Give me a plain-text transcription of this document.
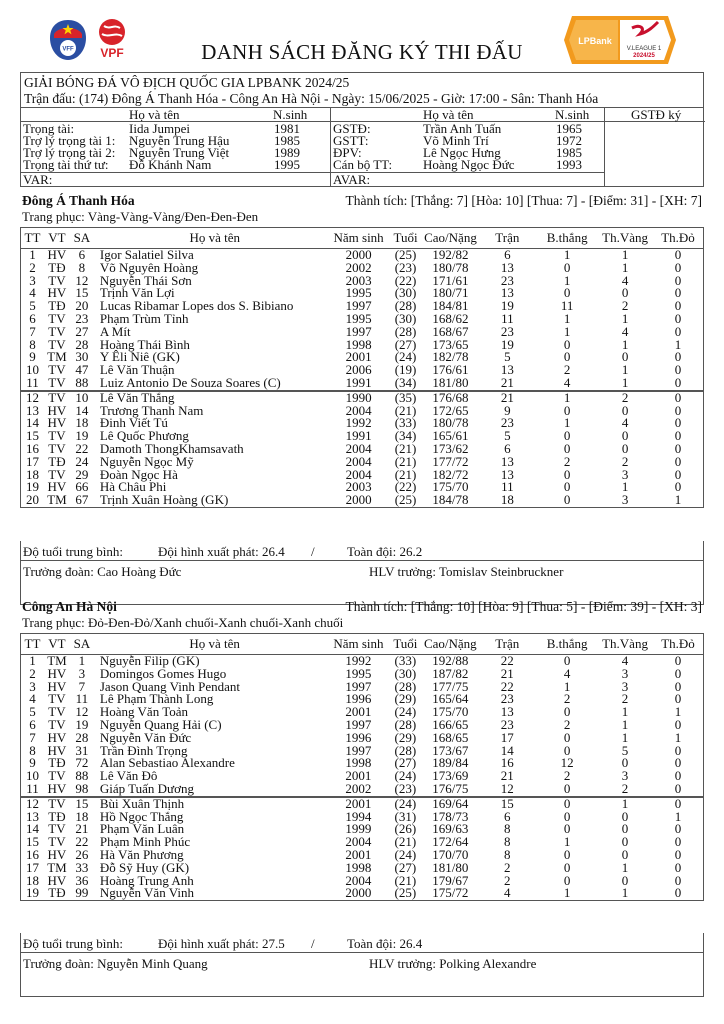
VFF VPF
LPBank
V.LEAGUE 1
2024/25
DANH SÁCH ĐĂNG KÝ THI ĐẤU
GIẢI BÓNG ĐÁ VÔ ĐỊCH QUỐC GIA LPBANK 2024/25
Trận đấu: (174) Đông Á Thanh Hóa - Công An Hà Nội - Ngày: 15/06/2025 - Giờ: 17:00 - Sân: Thanh Hóa
Họ và tên	N.sinh	Họ và tên	N.sinh	GSTĐ ký
Trọng tài:	Iida Jumpei	1981
Trợ lý trọng tài 1: Nguyễn Trung Hậu	1985
Trợ lý trọng tài 2: Nguyễn Trung Việt	1989
Trọng tài thứ tư: Đỗ Khánh Nam	1995
GSTĐ:	Trần Anh Tuấn	1965
GSTT:	Võ Minh Trí	1972
ĐPV:	Lê Ngọc Hưng	1985
Cán bộ TT: Hoàng Ngọc Đức	1993
VAR:	AVAR:
Đông Á Thanh Hóa	Thành tích: [Thắng: 7] [Hòa: 10] [Thua: 7] - [Điểm: 31] - [XH: 7]
Trang phục: Vàng-Vàng-Vàng/Đen-Đen-Đen
TT	VT	SA	Họ và tên	Năm sinh	Tuổi	Cao/Nặng	Trận	B.thắng	Th.Vàng	Th.Đỏ
1	HV	6	Igor Salatiel Silva	2000	(25)	192/82	6	1	1	0
2	TĐ	8	Võ Nguyên Hoàng	2002	(23)	180/78	13	0	1	0
3	TV	12	Nguyễn Thái Sơn	2003	(22)	171/61	23	1	4	0
4	HV	15	Trịnh Văn Lợi	1995	(30)	180/71	13	0	0	0
5	TĐ	20	Lucas Ribamar Lopes dos S. Bibiano	1997	(28)	184/81	19	11	2	0
6	TV	23	Phạm Trùm Tỉnh	1995	(30)	168/62	11	1	1	0
7	TV	27	A Mít	1997	(28)	168/67	23	1	4	0
8	TV	28	Hoàng Thái Bình	1998	(27)	173/65	19	0	1	1
9	TM	30	Y Êli Niê (GK)	2001	(24)	182/78	5	0	0	0
10	TV	47	Lê Văn Thuận	2006	(19)	176/61	13	2	1	0
11	TV	88	Luiz Antonio De Souza Soares (C)	1991	(34)	181/80	21	4	1	0
12	TV	10	Lê Văn Thắng	1990	(35)	176/68	21	1	2	0
13	HV	14	Trương Thanh Nam	2004	(21)	172/65	9	0	0	0
14	HV	18	Đinh Viết Tú	1992	(33)	180/78	23	1	4	0
15	TV	19	Lê Quốc Phương	1991	(34)	165/61	5	0	0	0
16	TV	22	Damoth ThongKhamsavath	2004	(21)	173/62	6	0	0	0
17	TĐ	24	Nguyễn Ngọc Mỹ	2004	(21)	177/72	13	2	2	0
18	TV	29	Đoàn Ngọc Hà	2004	(21)	182/72	13	0	3	0
19	HV	66	Hà Châu Phi	2003	(22)	175/70	11	0	1	0
20	TM	67	Trịnh Xuân Hoàng (GK)	2000	(25)	184/78	18	0	3	1
Độ tuổi trung bình:	Đội hình xuất phát: 26.4 / Toàn đội: 26.2
Trưởng đoàn: Cao Hoàng Đức	HLV trưởng: Tomislav Steinbruckner
Công An Hà Nội	Thành tích: [Thắng: 10] [Hòa: 9] [Thua: 5] - [Điểm: 39] - [XH: 3]
Trang phục: Đỏ-Đen-Đỏ/Xanh chuối-Xanh chuối-Xanh chuối
TT	VT	SA	Họ và tên	Năm sinh	Tuổi	Cao/Nặng	Trận	B.thắng	Th.Vàng	Th.Đỏ
1	TM	1	Nguyễn Filip (GK)	1992	(33)	192/88	22	0	4	0
2	HV	3	Domingos Gomes Hugo	1995	(30)	187/82	21	4	3	0
3	HV	7	Jason Quang Vinh Pendant	1997	(28)	177/75	22	1	3	0
4	TV	11	Lê Phạm Thành Long	1996	(29)	165/64	23	2	2	0
5	TV	12	Hoàng Văn Toản	2001	(24)	175/70	13	0	1	1
6	TV	19	Nguyễn Quang Hải (C)	1997	(28)	166/65	23	2	1	0
7	HV	28	Nguyễn Văn Đức	1996	(29)	168/65	17	0	1	1
8	HV	31	Trần Đình Trọng	1997	(28)	173/67	14	0	5	0
9	TĐ	72	Alan Sebastiao Alexandre	1998	(27)	189/84	16	12	0	0
10	TV	88	Lê Văn Đô	2001	(24)	173/69	21	2	3	0
11	HV	98	Giáp Tuấn Dương	2002	(23)	176/75	12	0	2	0
12	TV	15	Bùi Xuân Thịnh	2001	(24)	169/64	15	0	1	0
13	TĐ	18	Hồ Ngọc Thắng	1994	(31)	178/73	6	0	0	1
14	TV	21	Phạm Văn Luân	1999	(26)	169/63	8	0	0	0
15	TV	22	Phạm Minh Phúc	2004	(21)	172/64	8	1	0	0
16	HV	26	Hà Văn Phương	2001	(24)	170/70	8	0	0	0
17	TM	33	Đỗ Sỹ Huy (GK)	1998	(27)	181/80	2	0	1	0
18	HV	36	Hoàng Trung Anh	2004	(21)	179/67	2	0	0	0
19	TĐ	99	Nguyễn Văn Vinh	2000	(25)	175/72	4	1	1	0
Độ tuổi trung bình:	Đội hình xuất phát: 27.5 / Toàn đội: 26.4
Trưởng đoàn: Nguyễn Minh Quang	HLV trưởng: Polking Alexandre
